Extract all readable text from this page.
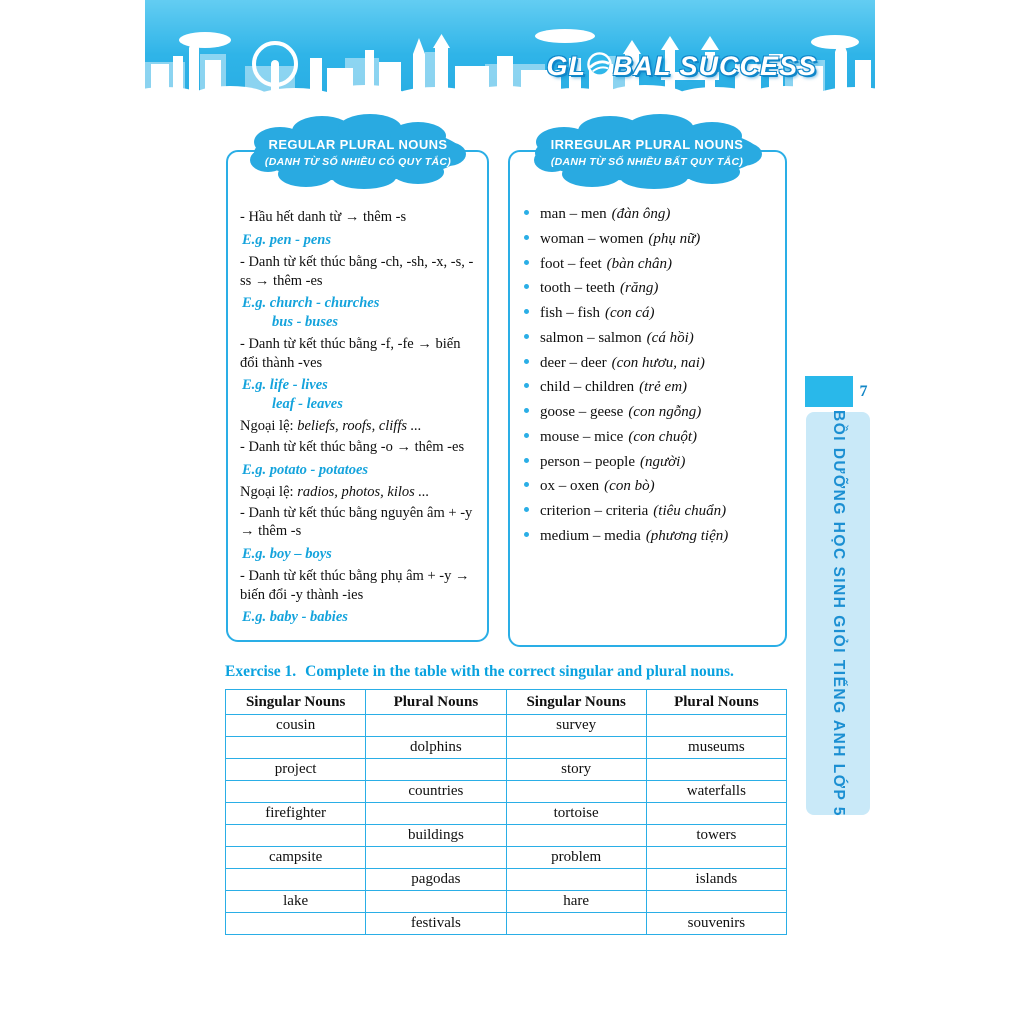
GL BAL SUCCESS
- Hầu hết danh từ → thêm -s
E.g. pen - pens
- Danh từ kết thúc bằng -ch, -sh, -x, -s, -ss → thêm -es
E.g. church - churches
bus - buses
- Danh từ kết thúc bằng -f, -fe → biến đổi thành -ves
E.g. life - lives
leaf - leaves
Ngoại lệ: beliefs, roofs, cliffs ...
- Danh từ kết thúc bằng -o → thêm -es
E.g. potato - potatoes
Ngoại lệ: radios, photos, kilos ...
- Danh từ kết thúc bằng nguyên âm + -y → thêm -s
E.g. boy – boys
- Danh từ kết thúc bằng phụ âm + -y → biến đổi -y thành -ies
E.g. baby - babies
REGULAR PLURAL NOUNS
(DANH TỪ SỐ NHIỀU CÓ QUY TẮC)
man – men (đàn ông)
woman – women (phụ nữ)
foot – feet (bàn chân)
tooth – teeth (răng)
fish – fish (con cá)
salmon – salmon (cá hồi)
deer – deer (con hươu, nai)
child – children (trẻ em)
goose – geese (con ngỗng)
mouse – mice (con chuột)
person – people (người)
ox – oxen (con bò)
criterion – criteria (tiêu chuẩn)
medium – media (phương tiện)
IRREGULAR PLURAL NOUNS
(DANH TỪ SỐ NHIỀU BẤT QUY TẮC)
Exercise 1. Complete in the table with the correct singular and plural nouns.
Singular Nouns	Plural Nouns	Singular Nouns	Plural Nouns
cousin		survey	
	dolphins		museums
project		story	
	countries		waterfalls
firefighter		tortoise	
	buildings		towers
campsite		problem	
	pagodas		islands
lake		hare	
	festivals		souvenirs
7
BỒI DƯỠNG HỌC SINH GIỎI TIẾNG ANH LỚP 5
